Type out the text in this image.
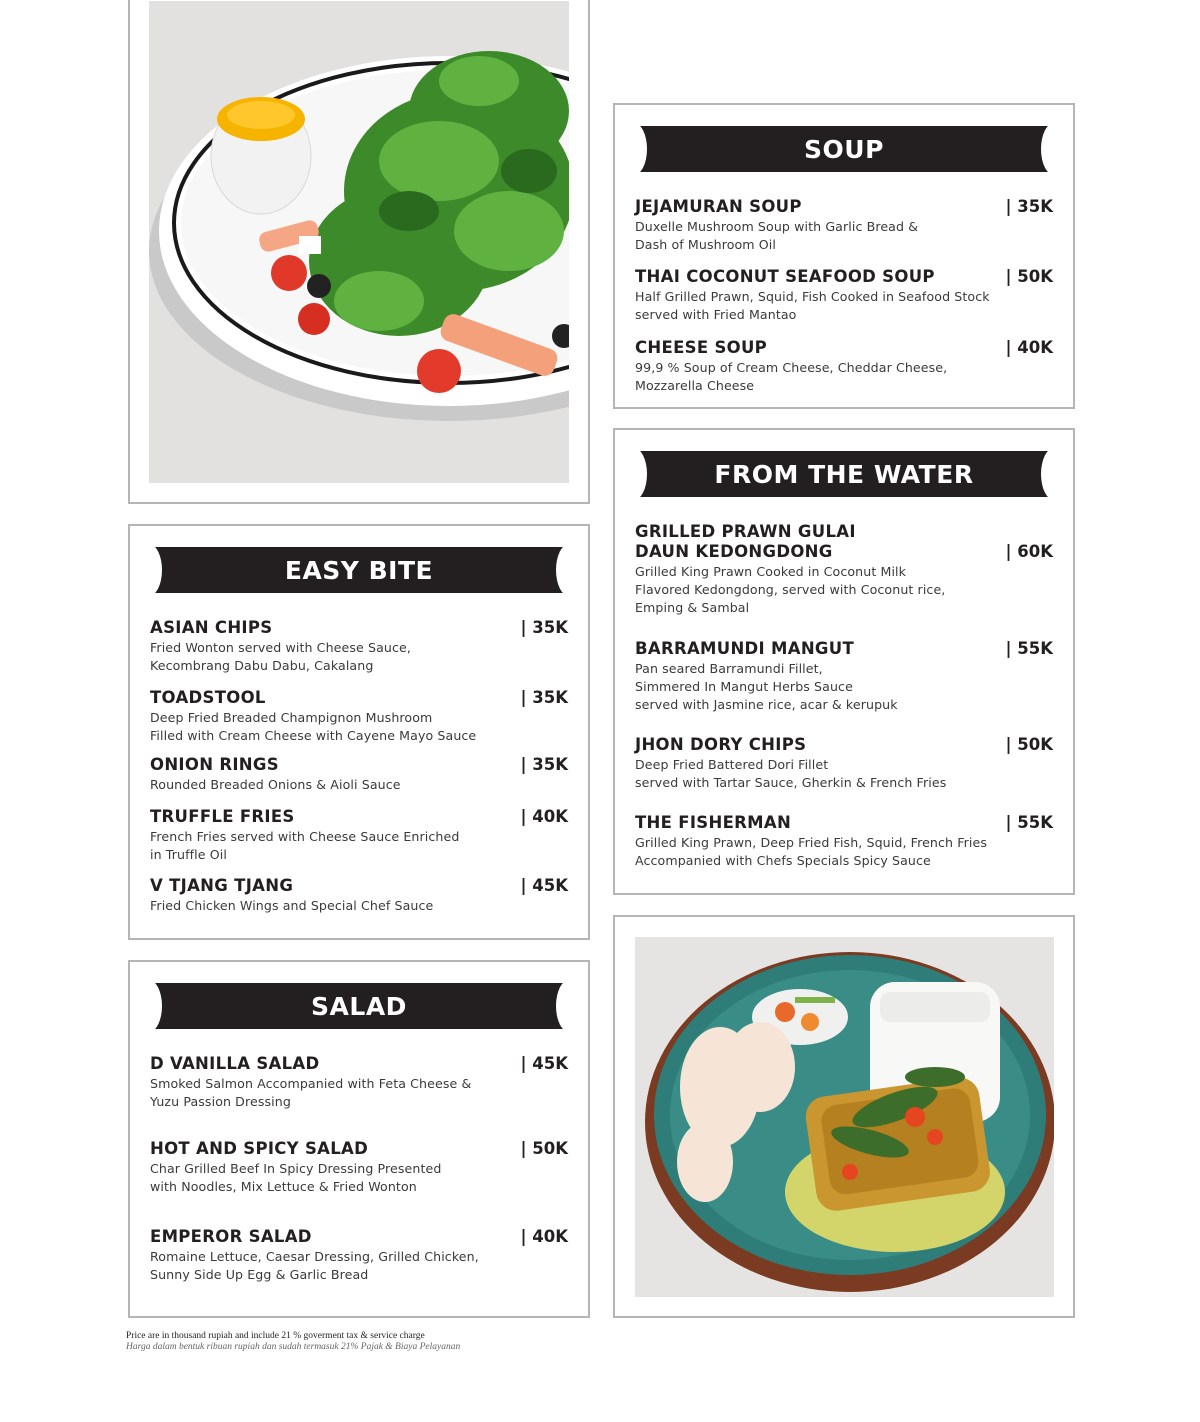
SOUP
| 35K
JEJAMURAN SOUP
Duxelle Mushroom Soup with Garlic Bread &
Dash of Mushroom Oil
| 50K
THAI COCONUT SEAFOOD SOUP
Half Grilled Prawn, Squid, Fish Cooked in Seafood Stock
served with Fried Mantao
| 40K
CHEESE SOUP
99,9 % Soup of Cream Cheese, Cheddar Cheese,
Mozzarella Cheese
FROM THE WATER
| 60K
GRILLED PRAWN GULAI
DAUN KEDONGDONG
Grilled King Prawn Cooked in Coconut Milk
Flavored Kedongdong, served with Coconut rice,
Emping & Sambal
| 55K
BARRAMUNDI MANGUT
Pan seared Barramundi Fillet,
Simmered In Mangut Herbs Sauce
served with Jasmine rice, acar & kerupuk
| 50K
JHON DORY CHIPS
Deep Fried Battered Dori Fillet
served with Tartar Sauce, Gherkin & French Fries
| 55K
THE FISHERMAN
Grilled King Prawn, Deep Fried Fish, Squid, French Fries
Accompanied with Chefs Specials Spicy Sauce
EASY BITE
| 35K
ASIAN CHIPS
Fried Wonton served with Cheese Sauce,
Kecombrang Dabu Dabu, Cakalang
| 35K
TOADSTOOL
Deep Fried Breaded Champignon Mushroom
Filled with Cream Cheese with Cayene Mayo Sauce
| 35K
ONION RINGS
Rounded Breaded Onions & Aioli Sauce
| 40K
TRUFFLE FRIES
French Fries served with Cheese Sauce Enriched
in Truffle Oil
| 45K
V TJANG TJANG
Fried Chicken Wings and Special Chef Sauce
SALAD
| 45K
D VANILLA SALAD
Smoked Salmon Accompanied with Feta Cheese &
Yuzu Passion Dressing
| 50K
HOT AND SPICY SALAD
Char Grilled Beef In Spicy Dressing Presented
with Noodles, Mix Lettuce & Fried Wonton
| 40K
EMPEROR SALAD
Romaine Lettuce, Caesar Dressing, Grilled Chicken,
Sunny Side Up Egg & Garlic Bread
Price are in thousand rupiah and include 21 % goverment tax & service charge
Harga dalam bentuk ribuan rupiah dan sudah termasuk 21% Pajak & Biaya Pelayanan
